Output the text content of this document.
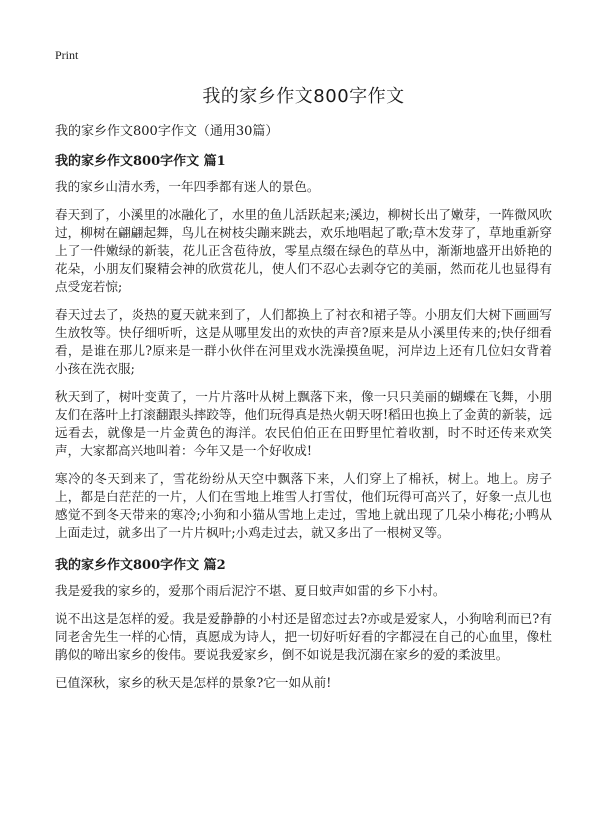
Print
我的家乡作文800字作文
我的家乡作文800字作文（通用30篇）
我的家乡作文800字作文 篇1

我的家乡山清水秀，一年四季都有迷人的景色。

春天到了，小溪里的冰融化了，水里的鱼儿活跃起来;溪边，柳树长出了嫩芽，一阵微风吹过，柳树在翩翩起舞，鸟儿在树枝尖蹦来跳去，欢乐地唱起了歌;草木发芽了，草地重新穿上了一件嫩绿的新装，花儿正含苞待放，零星点缀在绿色的草丛中，渐渐地盛开出娇艳的花朵，小朋友们聚精会神的欣赏花儿，使人们不忍心去剥夺它的美丽，然而花儿也显得有点受宠若惊;

春天过去了，炎热的夏天就来到了，人们都换上了衬衣和裙子等。小朋友们大树下画画写生放牧等。快仔细听听，这是从哪里发出的欢快的声音?原来是从小溪里传来的;快仔细看看，是谁在那儿?原来是一群小伙伴在河里戏水洗澡摸鱼呢，河岸边上还有几位妇女背着小孩在洗衣服;

秋天到了，树叶变黄了，一片片落叶从树上飘落下来，像一只只美丽的蝴蝶在飞舞，小朋友们在落叶上打滚翻跟头摔跤等，他们玩得真是热火朝天呀!稻田也换上了金黄的新装，远远看去，就像是一片金黄色的海洋。农民伯伯正在田野里忙着收割，时不时还传来欢笑声，大家都高兴地叫着：今年又是一个好收成!

寒冷的冬天到来了，雪花纷纷从天空中飘落下来，人们穿上了棉袄，树上。地上。房子上，都是白茫茫的一片，人们在雪地上堆雪人打雪仗，他们玩得可高兴了，好象一点儿也感觉不到冬天带来的寒冷;小狗和小猫从雪地上走过，雪地上就出现了几朵小梅花;小鸭从上面走过，就多出了一片片枫叶;小鸡走过去，就又多出了一根树叉等。

我的家乡作文800字作文 篇2

我是爱我的家乡的，爱那个雨后泥泞不堪、夏日蚊声如雷的乡下小村。

说不出这是怎样的爱。我是爱静静的小村还是留恋过去?亦或是爱家人，小狗啥利而已?有同老舍先生一样的心情，真愿成为诗人，把一切好听好看的字都浸在自己的心血里，像杜鹃似的啼出家乡的俊伟。要说我爱家乡，倒不如说是我沉溺在家乡的爱的柔波里。

已值深秋，家乡的秋天是怎样的景象?它一如从前!
